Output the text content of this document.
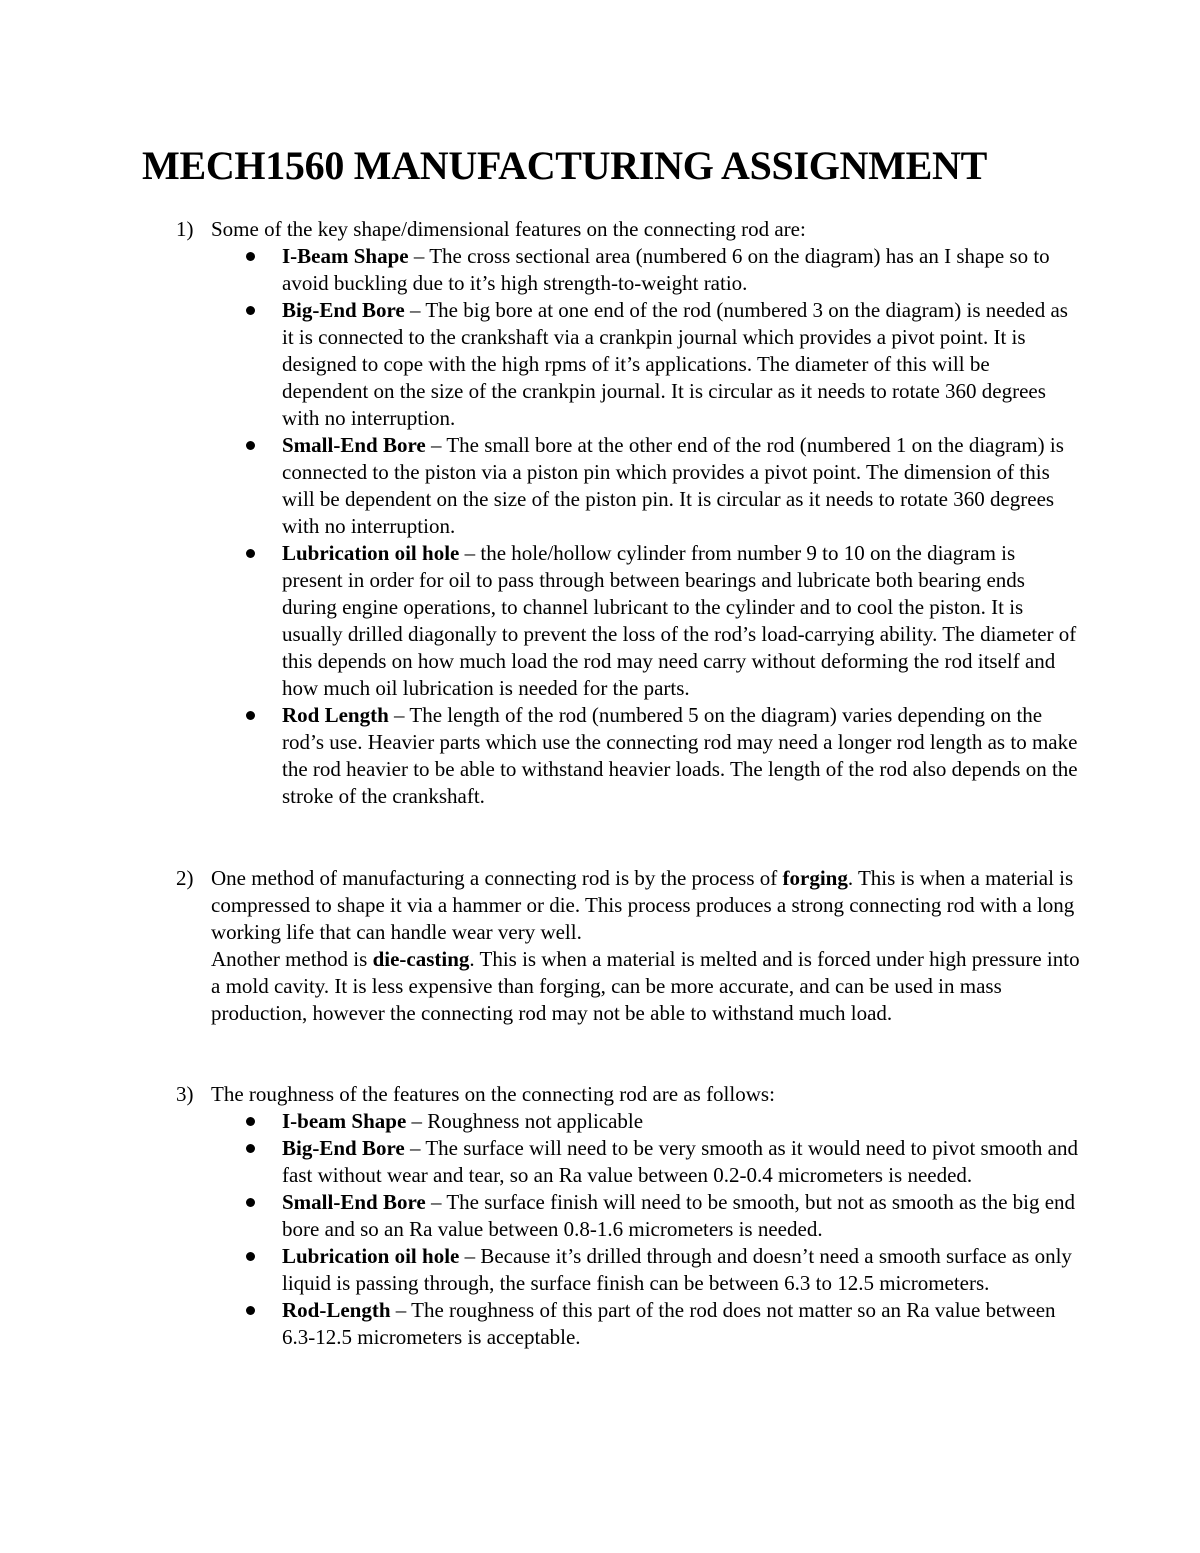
MECH1560 MANUFACTURING ASSIGNMENT
1) Some of the key shape/dimensional features on the connecting rod are:

I-Beam Shape – The cross sectional area (numbered 6 on the diagram) has an I shape so to avoid buckling due to it’s high strength-to-weight ratio.
Big-End Bore – The big bore at one end of the rod (numbered 3 on the diagram) is needed as it is connected to the crankshaft via a crankpin journal which provides a pivot point. It is designed to cope with the high rpms of it’s applications. The diameter of this will be dependent on the size of the crankpin journal. It is circular as it needs to rotate 360 degrees with no interruption.
Small-End Bore – The small bore at the other end of the rod (numbered 1 on the diagram) is connected to the piston via a piston pin which provides a pivot point. The dimension of this will be dependent on the size of the piston pin. It is circular as it needs to rotate 360 degrees with no interruption.
Lubrication oil hole – the hole/hollow cylinder from number 9 to 10 on the diagram is present in order for oil to pass through between bearings and lubricate both bearing ends during engine operations, to channel lubricant to the cylinder and to cool the piston. It is usually drilled diagonally to prevent the loss of the rod’s load-carrying ability. The diameter of this depends on how much load the rod may need carry without deforming the rod itself and how much oil lubrication is needed for the parts.
Rod Length – The length of the rod (numbered 5 on the diagram) varies depending on the rod’s use. Heavier parts which use the connecting rod may need a longer rod length as to make the rod heavier to be able to withstand heavier loads. The length of the rod also depends on the stroke of the crankshaft.
2) One method of manufacturing a connecting rod is by the process of forging. This is when a material is compressed to shape it via a hammer or die. This process produces a strong connecting rod with a long working life that can handle wear very well.

Another method is die-casting. This is when a material is melted and is forced under high pressure into a mold cavity. It is less expensive than forging, can be more accurate, and can be used in mass production, however the connecting rod may not be able to withstand much load.

3) The roughness of the features on the connecting rod are as follows:

I-beam Shape – Roughness not applicable
Big-End Bore – The surface will need to be very smooth as it would need to pivot smooth and fast without wear and tear, so an Ra value between 0.2-0.4 micrometers is needed.
Small-End Bore – The surface finish will need to be smooth, but not as smooth as the big end bore and so an Ra value between 0.8-1.6 micrometers is needed.
Lubrication oil hole – Because it’s drilled through and doesn’t need a smooth surface as only liquid is passing through, the surface finish can be between 6.3 to 12.5 micrometers.
Rod-Length – The roughness of this part of the rod does not matter so an Ra value between 6.3-12.5 micrometers is acceptable.
